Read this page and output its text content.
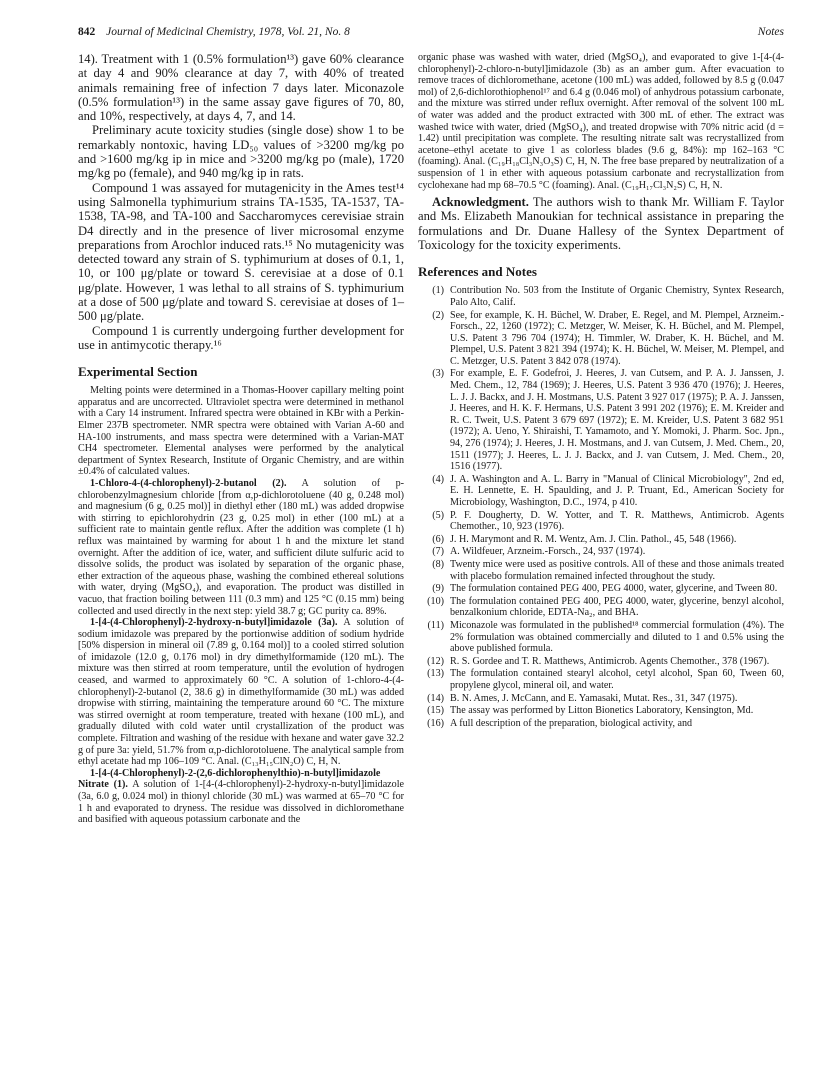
842 Journal of Medicinal Chemistry, 1978, Vol. 21, No. 8	Notes

14). Treatment with 1 (0.5% formulation¹³) gave 60% clearance at day 4 and 90% clearance at day 7, with 40% of treated animals remaining free of infection 7 days later. Miconazole (0.5% formulation¹³) in the same assay gave figures of 70, 80, and 10%, respectively, at days 4, 7, and 14.

Preliminary acute toxicity studies (single dose) show 1 to be remarkably nontoxic, having LD₅₀ values of >3200 mg/kg po and >1600 mg/kg ip in mice and >3200 mg/kg po (male), 1720 mg/kg po (female), and 940 mg/kg ip in rats.

Compound 1 was assayed for mutagenicity in the Ames test¹⁴ using Salmonella typhimurium strains TA-1535, TA-1537, TA-1538, TA-98, and TA-100 and Saccharomyces cerevisiae strain D4 directly and in the presence of liver microsomal enzyme preparations from Arochlor induced rats.¹⁵ No mutagenicity was detected toward any strain of S. typhimurium at doses of 0.1, 1, 10, or 100 μg/plate or toward S. cerevisiae at a dose of 0.1 μg/plate. However, 1 was lethal to all strains of S. typhimurium at a dose of 500 μg/plate and toward S. cerevisiae at doses of 1–500 μg/plate.

Compound 1 is currently undergoing further development for use in antimycotic therapy.¹⁶

Experimental Section

Melting points were determined in a Thomas-Hoover capillary melting point apparatus and are uncorrected. Ultraviolet spectra were determined in methanol with a Cary 14 instrument. Infrared spectra were obtained in KBr with a Perkin-Elmer 237B spectrometer. NMR spectra were obtained with Varian A-60 and HA-100 instruments, and mass spectra were determined with a Varian-MAT CH4 spectrometer. Elemental analyses were performed by the analytical department of Syntex Research, Institute of Organic Chemistry, and are within ±0.4% of calculated values.

1-Chloro-4-(4-chlorophenyl)-2-butanol (2). A solution of p-chlorobenzylmagnesium chloride [from α,p-dichlorotoluene (40 g, 0.248 mol) and magnesium (6 g, 0.25 mol)] in diethyl ether (180 mL) was added dropwise with stirring to epichlorohydrin (23 g, 0.25 mol) in ether (100 mL) at a sufficient rate to maintain gentle reflux. After the addition was complete (1 h) reflux was maintained by warming for about 1 h and the mixture let stand overnight. After the addition of ice, water, and sufficient dilute sulfuric acid to dissolve solids, the product was isolated by separation of the organic phase, ether extraction of the aqueous phase, washing the combined ethereal solutions with water, drying (MgSO₄), and evaporation. The product was distilled in vacuo, that fraction boiling between 111 (0.3 mm) and 125 °C (0.15 mm) being collected and used directly in the next step: yield 38.7 g; GC purity ca. 89%.

1-[4-(4-Chlorophenyl)-2-hydroxy-n-butyl]imidazole (3a). A solution of sodium imidazole was prepared by the portionwise addition of sodium hydride [50% dispersion in mineral oil (7.89 g, 0.164 mol)] to a cooled stirred solution of imidazole (12.0 g, 0.176 mol) in dry dimethylformamide (120 mL). The mixture was then stirred at room temperature, until the evolution of hydrogen ceased, and warmed to approximately 60 °C. A solution of 1-chloro-4-(4-chlorophenyl)-2-butanol (2, 38.6 g) in dimethylformamide (30 mL) was added dropwise with stirring, maintaining the temperature around 60 °C. The mixture was stirred overnight at room temperature, treated with hexane (100 mL), and gradually diluted with cold water until crystallization of the product was complete. Filtration and washing of the residue with hexane and water gave 32.2 g of pure 3a: yield, 51.7% from α,p-dichlorotoluene. The analytical sample from ethyl acetate had mp 106–109 °C. Anal. (C₁₃H₁₅ClN₂O) C, H, N.

1-[4-(4-Chlorophenyl)-2-(2,6-dichlorophenylthio)-n-butyl]imidazole Nitrate (1). A solution of 1-[4-(4-chlorophenyl)-2-hydroxy-n-butyl]imidazole (3a, 6.0 g, 0.024 mol) in thionyl chloride (30 mL) was warmed at 65–70 °C for 1 h and evaporated to dryness. The residue was dissolved in dichloromethane and basified with aqueous potassium carbonate and the

organic phase was washed with water, dried (MgSO₄), and evaporated to give 1-[4-(4-chlorophenyl)-2-chloro-n-butyl]imidazole (3b) as an amber gum. After evacuation to remove traces of dichloromethane, acetone (100 mL) was added, followed by 8.5 g (0.047 mol) of 2,6-dichlorothiophenol¹⁷ and 6.4 g (0.046 mol) of anhydrous potassium carbonate, and the mixture was stirred under reflux overnight. After removal of the solvent 100 mL of water was added and the product extracted with 300 mL of ether. The extract was washed twice with water, dried (MgSO₄), and treated dropwise with 70% nitric acid (d = 1.42) until precipitation was complete. The resulting nitrate salt was recrystallized from acetone–ethyl acetate to give 1 as colorless blades (9.6 g, 84%): mp 162–163 °C (foaming). Anal. (C₁₉H₁₈Cl₃N₃O₃S) C, H, N. The free base prepared by neutralization of a suspension of 1 in ether with aqueous potassium carbonate and recrystallization from cyclohexane had mp 68–70.5 °C (foaming). Anal. (C₁₉H₁₇Cl₃N₂S) C, H, N.

Acknowledgment. The authors wish to thank Mr. William F. Taylor and Ms. Elizabeth Manoukian for technical assistance in preparing the formulations and Dr. Duane Hallesy of the Syntex Department of Toxicology for the toxicity experiments.

References and Notes
(1) Contribution No. 503 from the Institute of Organic Chemistry, Syntex Research, Palo Alto, Calif.
(2) See, for example, K. H. Büchel, W. Draber, E. Regel, and M. Plempel, Arzneim.-Forsch., 22, 1260 (1972); C. Metzger, W. Meiser, K. H. Büchel, and M. Plempel, U.S. Patent 3 796 704 (1974); H. Timmler, W. Draber, K. H. Büchel, and M. Plempel, U.S. Patent 3 821 394 (1974); K. H. Büchel, W. Meiser, M. Plempel, and C. Metzger, U.S. Patent 3 842 078 (1974).
(3) For example, E. F. Godefroi, J. Heeres, J. van Cutsem, and P. A. J. Janssen, J. Med. Chem., 12, 784 (1969); J. Heeres, U.S. Patent 3 936 470 (1976); J. Heeres, L. J. J. Backx, and J. H. Mostmans, U.S. Patent 3 927 017 (1975); P. A. J. Janssen, J. Heeres, and H. K. F. Hermans, U.S. Patent 3 991 202 (1976); E. M. Kreider and R. C. Tweit, U.S. Patent 3 679 697 (1972); E. M. Kreider, U.S. Patent 3 682 951 (1972); A. Ueno, Y. Shiraishi, T. Yamamoto, and Y. Momoki, J. Pharm. Soc. Jpn., 94, 276 (1974); J. Heeres, J. H. Mostmans, and J. van Cutsem, J. Med. Chem., 20, 1511 (1977); J. Heeres, L. J. J. Backx, and J. van Cutsem, J. Med. Chem., 20, 1516 (1977).
(4) J. A. Washington and A. L. Barry in "Manual of Clinical Microbiology", 2nd ed, E. H. Lennette, E. H. Spaulding, and J. P. Truant, Ed., American Society for Microbiology, Washington, D.C., 1974, p 410.
(5) P. F. Dougherty, D. W. Yotter, and T. R. Matthews, Antimicrob. Agents Chemother., 10, 923 (1976).
(6) J. H. Marymont and R. M. Wentz, Am. J. Clin. Pathol., 45, 548 (1966).
(7) A. Wildfeuer, Arzneim.-Forsch., 24, 937 (1974).
(8) Twenty mice were used as positive controls. All of these and those animals treated with placebo formulation remained infected throughout the study.
(9) The formulation contained PEG 400, PEG 4000, water, glycerine, and Tween 80.
(10) The formulation contained PEG 400, PEG 4000, water, glycerine, benzyl alcohol, benzalkonium chloride, EDTA-Na₂, and BHA.
(11) Miconazole was formulated in the published¹⁸ commercial formulation (4%). The 2% formulation was obtained commercially and diluted to 1 and 0.5% using the above published formula.
(12) R. S. Gordee and T. R. Matthews, Antimicrob. Agents Chemother., 378 (1967).
(13) The formulation contained stearyl alcohol, cetyl alcohol, Span 60, Tween 60, propylene glycol, mineral oil, and water.
(14) B. N. Ames, J. McCann, and E. Yamasaki, Mutat. Res., 31, 347 (1975).
(15) The assay was performed by Litton Bionetics Laboratory, Kensington, Md.
(16) A full description of the preparation, biological activity, and
